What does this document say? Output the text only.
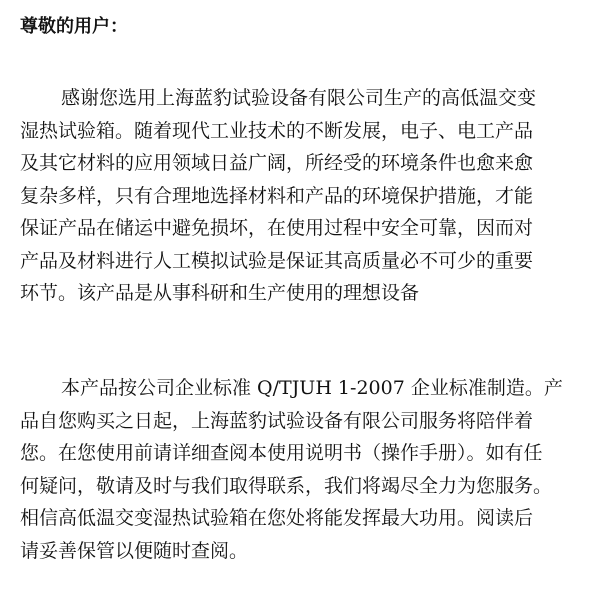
尊敬的用户：
感谢您选用上海蓝豹试验设备有限公司生产的高低温交变
湿热试验箱。随着现代工业技术的不断发展，电子、电工产品
及其它材料的应用领域日益广阔，所经受的环境条件也愈来愈
复杂多样，只有合理地选择材料和产品的环境保护措施，才能
保证产品在储运中避免损坏，在使用过程中安全可靠，因而对
产品及材料进行人工模拟试验是保证其高质量必不可少的重要
环节。该产品是从事科研和生产使用的理想设备
本产品按公司企业标准 Q/TJUH 1-2007 企业标准制造。产
品自您购买之日起，上海蓝豹试验设备有限公司服务将陪伴着
您。在您使用前请详细查阅本使用说明书（操作手册）。如有任
何疑问，敬请及时与我们取得联系，我们将竭尽全力为您服务。
相信高低温交变湿热试验箱在您处将能发挥最大功用。阅读后
请妥善保管以便随时查阅。
